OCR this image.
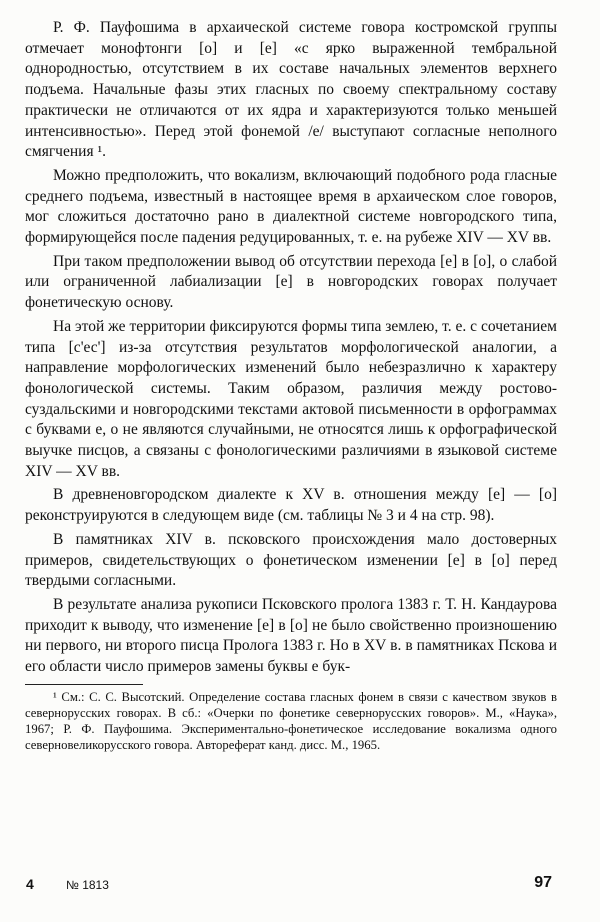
Р. Ф. Пауфошима в архаической системе говора костромской группы отмечает монофтонги [о] и [е] «с ярко выраженной тембральной однородностью, отсутствием в их составе начальных элементов верхнего подъема. Начальные фазы этих гласных по своему спектральному составу практически не отличаются от их ядра и характеризуются только меньшей интенсивностью». Перед этой фонемой /е/ выступают согласные неполного смягчения ¹.

Можно предположить, что вокализм, включающий подобного рода гласные среднего подъема, известный в настоящее время в архаическом слое говоров, мог сложиться достаточно рано в диалектной системе новгородского типа, формирующейся после падения редуцированных, т. е. на рубеже XIV — XV вв.

При таком предположении вывод об отсутствии перехода [е] в [о], о слабой или ограниченной лабиализации [е] в новгородских говорах получает фонетическую основу.

На этой же территории фиксируются формы типа землею, т. е. с сочетанием типа [с'ес'] из-за отсутствия результатов морфологической аналогии, а направление морфологических изменений было небезразлично к характеру фонологической системы. Таким образом, различия между ростово-суздальскими и новгородскими текстами актовой письменности в орфограммах с буквами е, о не являются случайными, не относятся лишь к орфографической выучке писцов, а связаны с фонологическими различиями в языковой системе XIV — XV вв.

В древненовгородском диалекте к XV в. отношения между [е] — [о] реконструируются в следующем виде (см. таблицы № 3 и 4 на стр. 98).

В памятниках XIV в. псковского происхождения мало достоверных примеров, свидетельствующих о фонетическом изменении [е] в [о] перед твердыми согласными.

В результате анализа рукописи Псковского пролога 1383 г. Т. Н. Кандаурова приходит к выводу, что изменение [е] в [о] не было свойственно произношению ни первого, ни второго писца Пролога 1383 г. Но в XV в. в памятниках Пскова и его области число примеров замены буквы е бук-

¹ См.: С. С. Высотский. Определение состава гласных фонем в связи с качеством звуков в севернорусских говорах. В сб.: «Очерки по фонетике севернорусских говоров». М., «Наука», 1967; Р. Ф. Пауфошима. Экспериментально-фонетическое исследование вокализма одного северновеликорусского говора. Автореферат канд. дисс. М., 1965.

4	№ 1813	97
